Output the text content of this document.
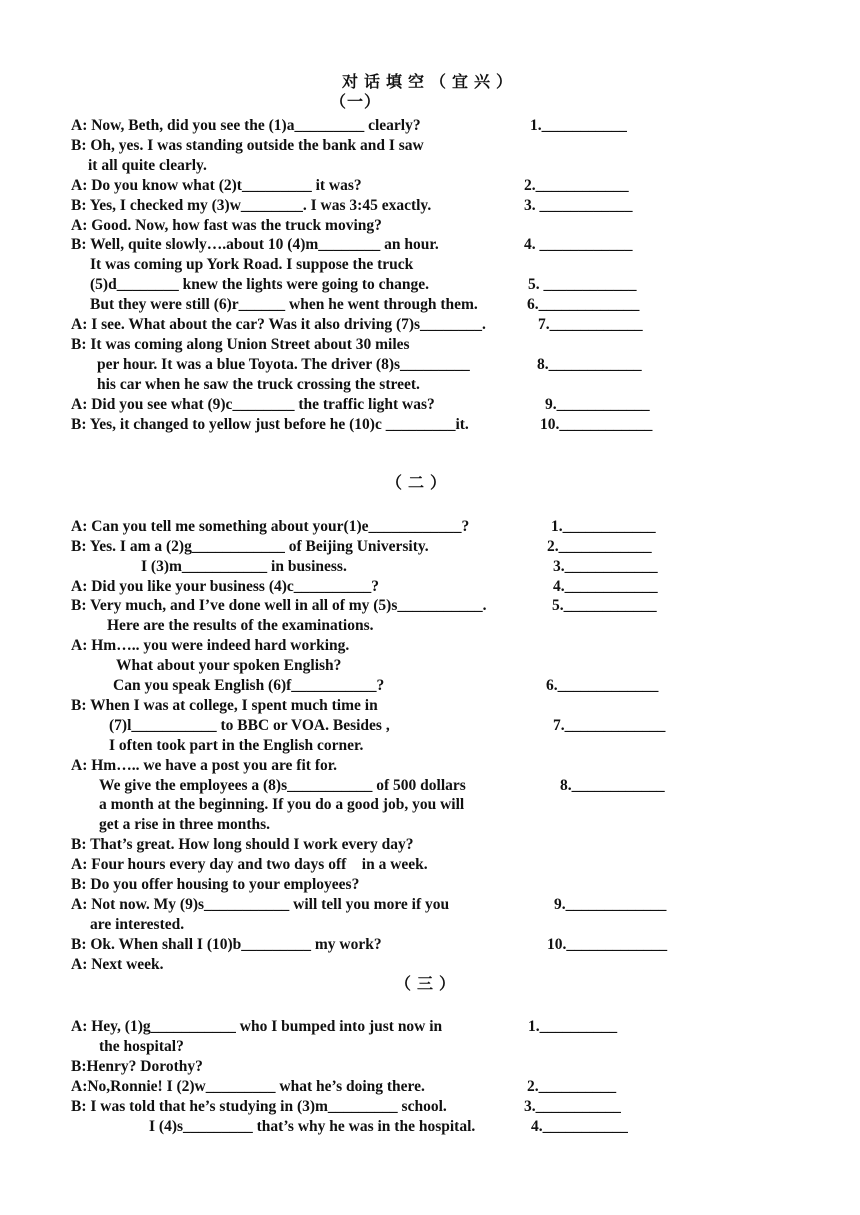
对 话 填 空 （ 宜 兴 ）
（一）
A: Now, Beth, did you see the (1)a_________ clearly?
B: Oh, yes. I was standing outside the bank and I saw
it all quite clearly.
A: Do you know what (2)t_________ it was?
B: Yes, I checked my (3)w________. I was 3:45 exactly.
A: Good. Now, how fast was the truck moving?
B: Well, quite slowly….about 10 (4)m________ an hour.
It was coming up York Road. I suppose the truck
(5)d________ knew the lights were going to change.
But they were still (6)r______ when he went through them.
A: I see. What about the car? Was it also driving (7)s________.
B: It was coming along Union Street about 30 miles
per hour. It was a blue Toyota. The driver (8)s_________
his car when he saw the truck crossing the street.
A: Did you see what (9)c________ the traffic light was?
B: Yes, it changed to yellow just before he (10)c _________it.
1.___________
2.____________
3. ____________
4. ____________
5. ____________
6._____________
7.____________
8.____________
9.____________
10.____________
（ 二 ）
A: Can you tell me something about your(1)e____________?
B: Yes. I am a (2)g____________ of Beijing University.
I (3)m___________ in business.
A: Did you like your business (4)c__________?
B: Very much, and I’ve done well in all of my (5)s___________.
Here are the results of the examinations.
A: Hm….. you were indeed hard working.
What about your spoken English?
Can you speak English (6)f___________?
B: When I was at college, I spent much time in
(7)l___________ to BBC or VOA. Besides ,
I often took part in the English corner.
A: Hm….. we have a post you are fit for.
We give the employees a (8)s___________ of 500 dollars
a month at the beginning. If you do a good job, you will
get a rise in three months.
B: That’s great. How long should I work every day?
A: Four hours every day and two days off    in a week.
B: Do you offer housing to your employees?
A: Not now. My (9)s___________ will tell you more if you
are interested.
B: Ok. When shall I (10)b_________ my work?
A: Next week.
1.____________
2.____________
3.____________
4.____________
5.____________
6._____________
7._____________
8.____________
9._____________
10._____________
（ 三 ）
A: Hey, (1)g___________ who I bumped into just now in
the hospital?
B:Henry? Dorothy?
A:No,Ronnie! I (2)w_________ what he’s doing there.
B: I was told that he’s studying in (3)m_________ school.
I (4)s_________ that’s why he was in the hospital.
1.__________
2.__________
3.___________
4.___________
